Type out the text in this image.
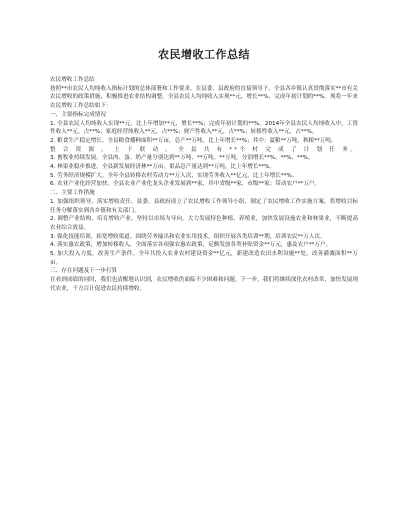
农民增收工作总结

农民增收工作总结

按照**市农民人均纯收入指标计划的总体部署和工作要求，在县委、县政府的直接领导下，全县各乡镇认真贯彻落实**市有关农民增收的政策措施，积极推进农业结构调整，全县农民人均纯收入实现**元，增长**%，完成年初计划的**%。现将一年来农民增收工作总结如下：

一、主要指标完成情况

1. 全县农民人均纯收入实现**元，比上年增加**元，增长**%；完成年初计划的**%。2014年全县农民人均纯收入中，工资性收入**元，占**%；家庭经营纯收入**元，占**%；财产性收入**元，占**%；转移性收入**元，占**%。

2. 粮食生产稳定增长。全县粮食播种面积**万亩，总产**万吨，比上年增长**%；其中：夏粮**万吨，秋粮**万吨。

整 合 资 源 ， 上 下 联 动 ， 全 县 共 有 **个 村 完 成 了 计 划 任 务。

3. 畜牧业持续发展。全县肉、蛋、奶产量分别达到**万吨、**万吨、**万吨，分别增长**%、**%、**%。

4. 林果业稳步推进。全县新发展经济林**万亩，果品总产量达到**万吨，比上年增长**%。

5. 劳务经济规模扩大。全年全县转移农村劳动力**万人次，实现劳务收入**亿元，比上年增长**%。

6. 农业产业化经营加快。全县农业产业化龙头企业发展到**家，其中省级**家，市级**家；带动农户**万户。

二、主要工作措施

1. 加强组织领导，落实增收责任。县委、县政府成立了农民增收工作领导小组，制定了农民增收工作实施方案，将增收目标任务分解落实到各乡镇和有关部门。

2. 调整产业结构，培育增收产业。坚持以市场为导向，大力发展特色种植、养殖业，加快发展设施农业和林果业，不断提高农业综合效益。

3. 强化技能培训，拓宽增收渠道。围绕劳务输出和农业实用技术，组织开展各类培训**期，培训农民**万人次。

4. 落实惠农政策，增加转移收入。全面落实各项强农惠农政策，足额发放各类补贴资金**万元，惠及农户**万户。

5. 加大投入力度，改善生产条件。全年共投入农业农村建设资金**亿元，新建改造农田水利设施**处，改善灌溉面积**万亩。

三、存在问题及下一步打算

在看到成绩的同时，我们也清醒地认识到，农民增收仍面临不少困难和问题。下一步，我们将继续深化农村改革，加快发展现代农业，千方百计促进农民持续增收。
